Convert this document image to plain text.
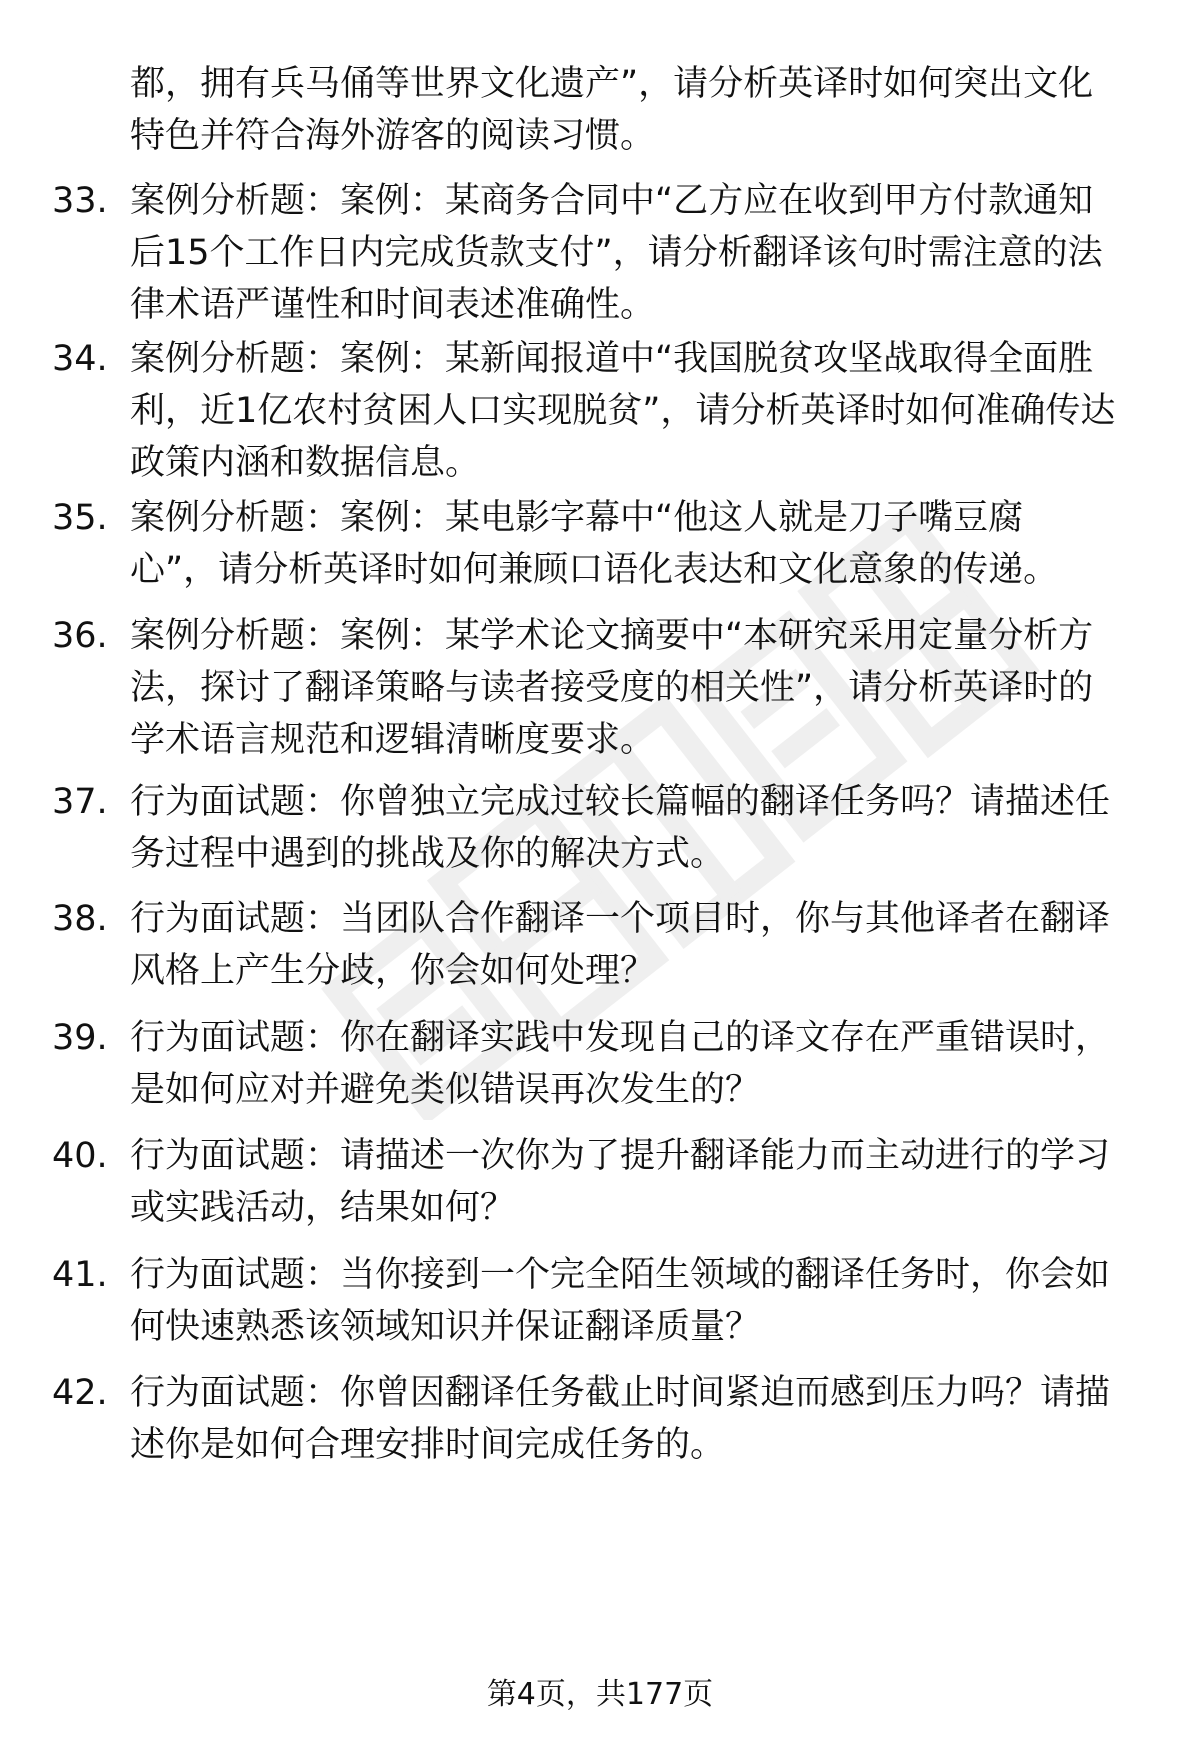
都，拥有兵马俑等世界文化遗产”，请分析英译时如何突出文化
特色并符合海外游客的阅读习惯。

33. 案例分析题：案例：某商务合同中“乙方应在收到甲方付款通知
后15个工作日内完成货款支付”，请分析翻译该句时需注意的法
律术语严谨性和时间表述准确性。
34. 案例分析题：案例：某新闻报道中“我国脱贫攻坚战取得全面胜
利，近1亿农村贫困人口实现脱贫”，请分析英译时如何准确传达
政策内涵和数据信息。
35. 案例分析题：案例：某电影字幕中“他这人就是刀子嘴豆腐
心”，请分析英译时如何兼顾口语化表达和文化意象的传递。
36. 案例分析题：案例：某学术论文摘要中“本研究采用定量分析方
法，探讨了翻译策略与读者接受度的相关性”，请分析英译时的
学术语言规范和逻辑清晰度要求。
37. 行为面试题：你曾独立完成过较长篇幅的翻译任务吗？请描述任
务过程中遇到的挑战及你的解决方式。
38. 行为面试题：当团队合作翻译一个项目时，你与其他译者在翻译
风格上产生分歧，你会如何处理？
39. 行为面试题：你在翻译实践中发现自己的译文存在严重错误时，
是如何应对并避免类似错误再次发生的？
40. 行为面试题：请描述一次你为了提升翻译能力而主动进行的学习
或实践活动，结果如何？
41. 行为面试题：当你接到一个完全陌生领域的翻译任务时，你会如
何快速熟悉该领域知识并保证翻译质量？
42. 行为面试题：你曾因翻译任务截止时间紧迫而感到压力吗？请描
述你是如何合理安排时间完成任务的。
第4页，共177页
